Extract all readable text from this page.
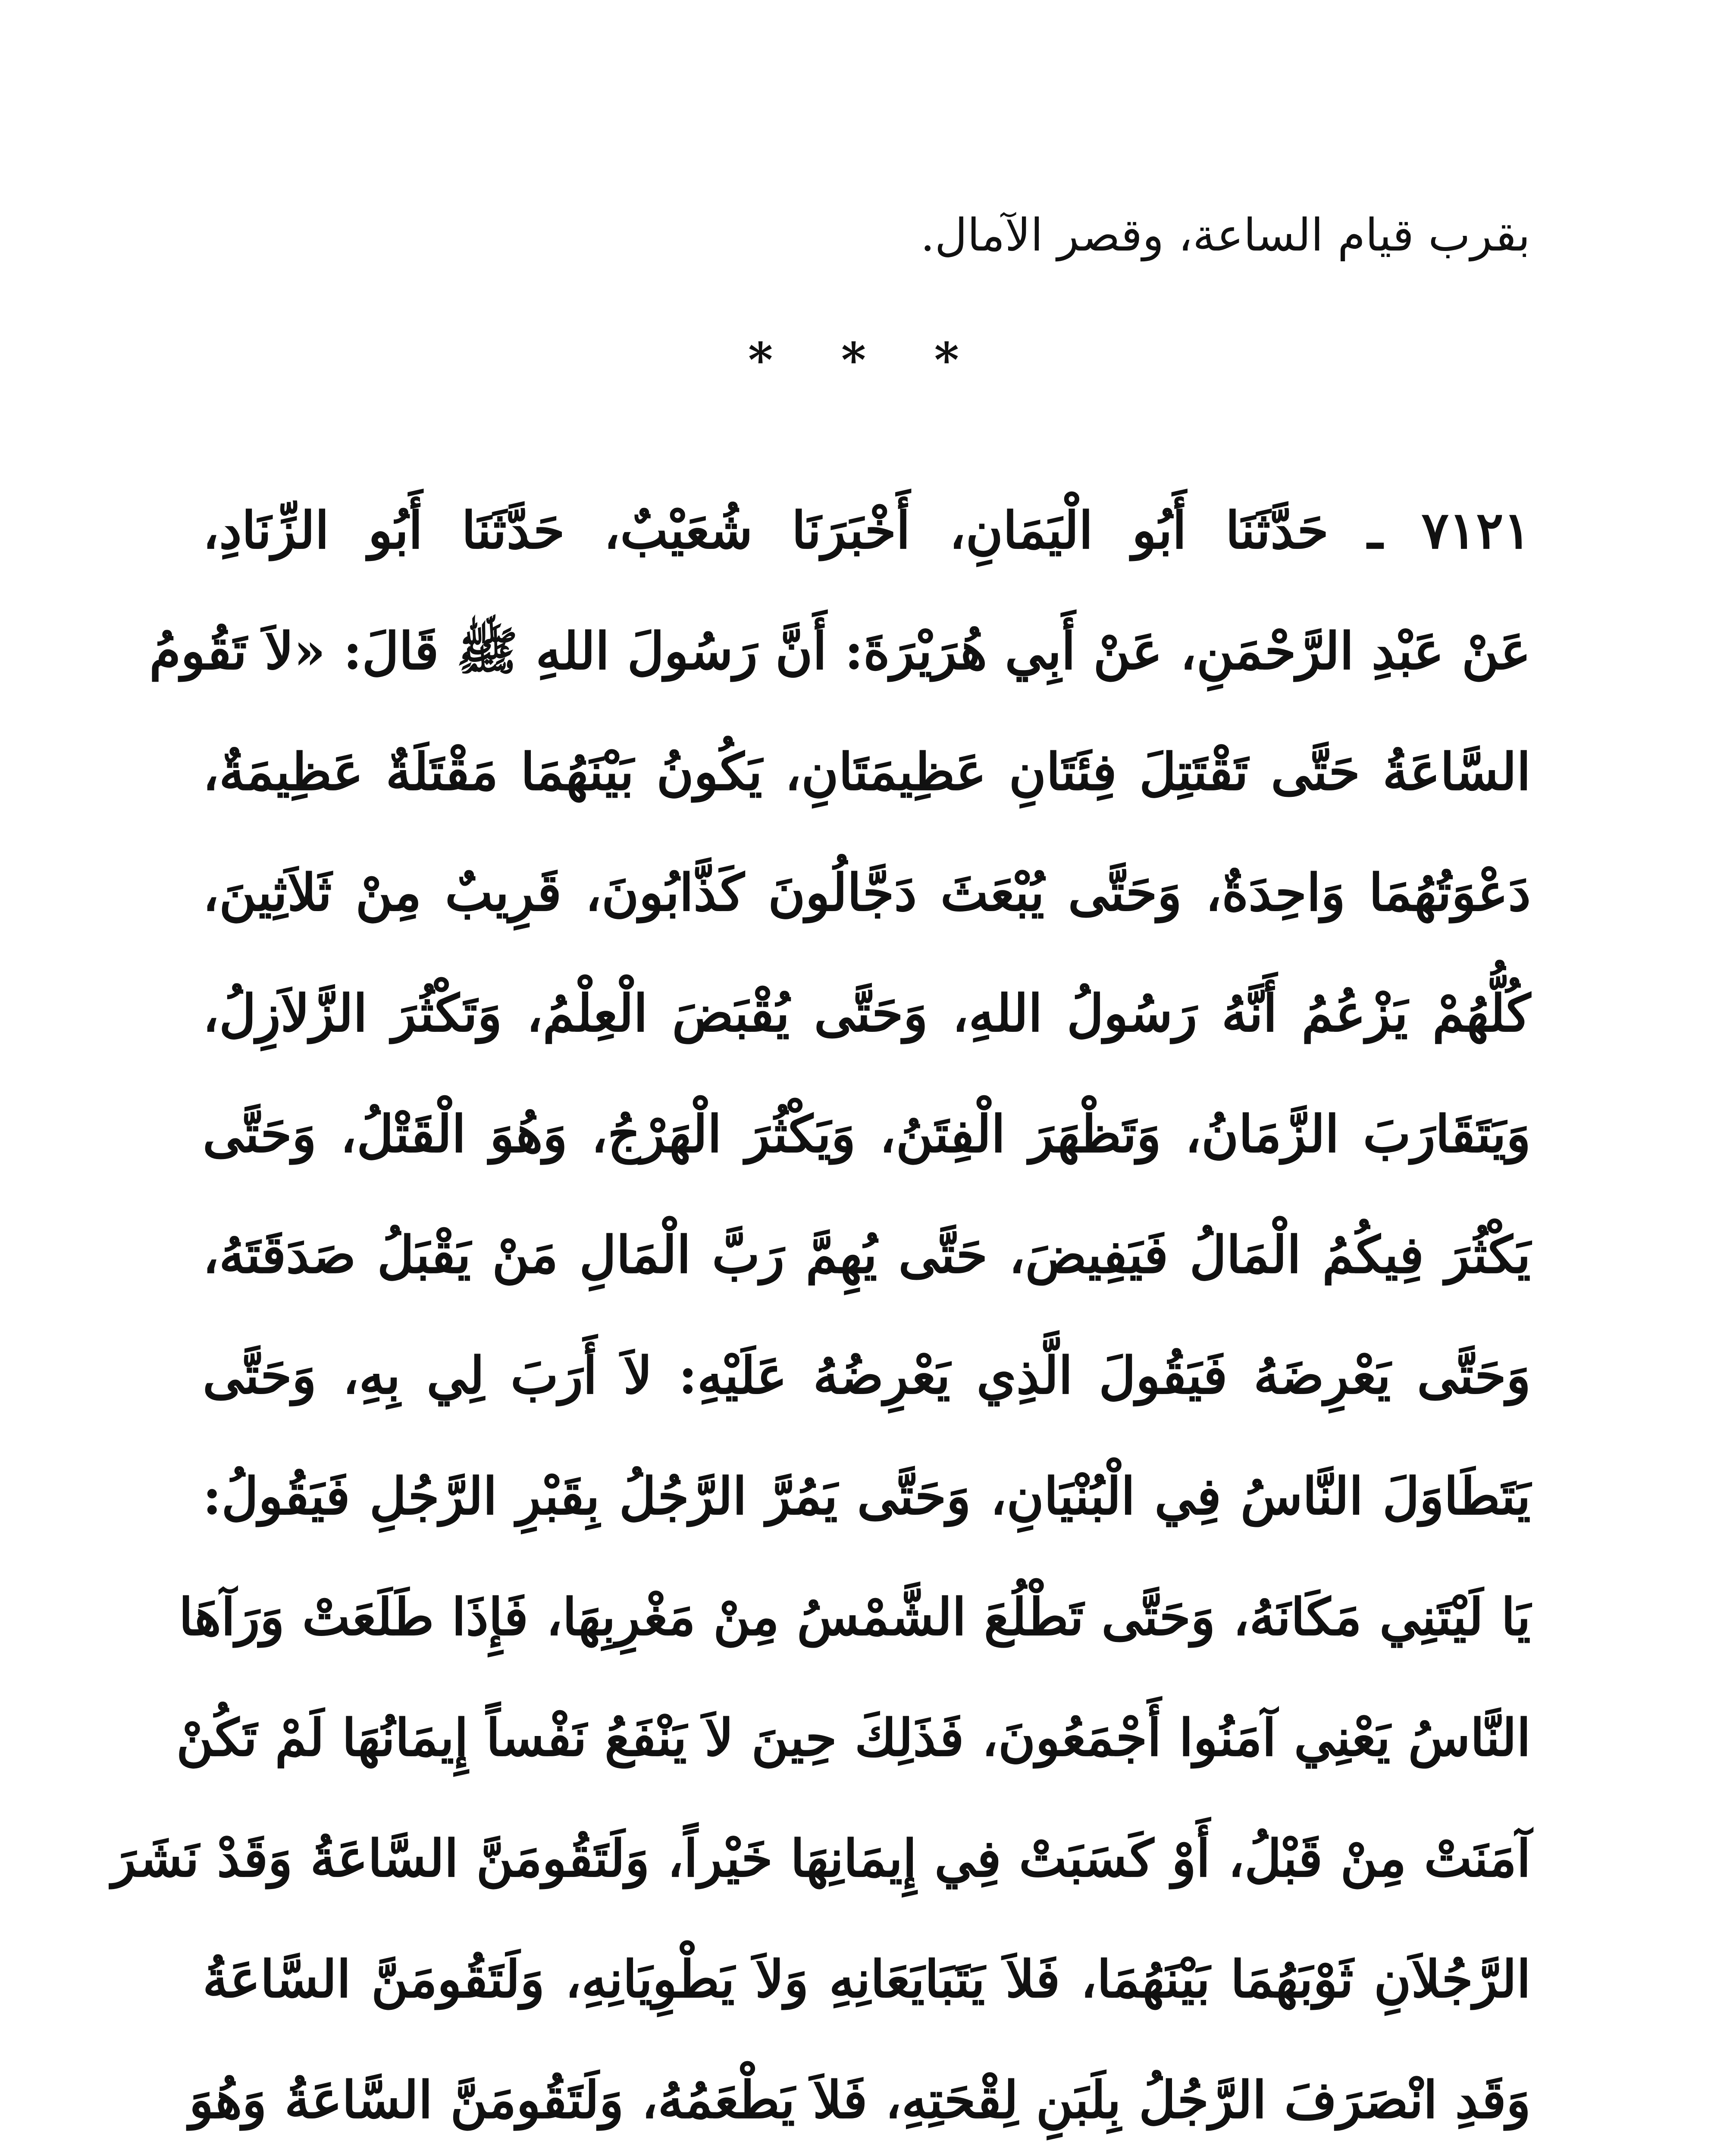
بقرب قيام الساعة، وقصر الآمال.
* * *
٧١٢١ ـ حَدَّثَنَا أَبُو الْيَمَانِ، أَخْبَرَنَا شُعَيْبٌ، حَدَّثَنَا أَبُو الزِّنَادِ،
عَنْ عَبْدِ الرَّحْمَنِ، عَنْ أَبِي هُرَيْرَةَ: أَنَّ رَسُولَ اللهِ ﷺ قَالَ: «لاَ تَقُومُ
السَّاعَةُ حَتَّى تَقْتَتِلَ فِئَتَانِ عَظِيمَتَانِ، يَكُونُ بَيْنَهُمَا مَقْتَلَةٌ عَظِيمَةٌ،
دَعْوَتُهُمَا وَاحِدَةٌ، وَحَتَّى يُبْعَثَ دَجَّالُونَ كَذَّابُونَ، قَرِيبٌ مِنْ ثَلاَثِينَ،
كُلُّهُمْ يَزْعُمُ أَنَّهُ رَسُولُ اللهِ، وَحَتَّى يُقْبَضَ الْعِلْمُ، وَتَكْثُرَ الزَّلاَزِلُ،
وَيَتَقَارَبَ الزَّمَانُ، وَتَظْهَرَ الْفِتَنُ، وَيَكْثُرَ الْهَرْجُ، وَهُوَ الْقَتْلُ، وَحَتَّى
يَكْثُرَ فِيكُمُ الْمَالُ فَيَفِيضَ، حَتَّى يُهِمَّ رَبَّ الْمَالِ مَنْ يَقْبَلُ صَدَقَتَهُ،
وَحَتَّى يَعْرِضَهُ فَيَقُولَ الَّذِي يَعْرِضُهُ عَلَيْهِ: لاَ أَرَبَ لِي بِهِ، وَحَتَّى
يَتَطَاوَلَ النَّاسُ فِي الْبُنْيَانِ، وَحَتَّى يَمُرَّ الرَّجُلُ بِقَبْرِ الرَّجُلِ فَيَقُولُ:
يَا لَيْتَنِي مَكَانَهُ، وَحَتَّى تَطْلُعَ الشَّمْسُ مِنْ مَغْرِبِهَا، فَإِذَا طَلَعَتْ وَرَآهَا
النَّاسُ يَعْنِي آمَنُوا أَجْمَعُونَ، فَذَلِكَ حِينَ لاَ يَنْفَعُ نَفْساً إِيمَانُهَا لَمْ تَكُنْ
آمَنَتْ مِنْ قَبْلُ، أَوْ كَسَبَتْ فِي إِيمَانِهَا خَيْراً، وَلَتَقُومَنَّ السَّاعَةُ وَقَدْ نَشَرَ
الرَّجُلاَنِ ثَوْبَهُمَا بَيْنَهُمَا، فَلاَ يَتَبَايَعَانِهِ وَلاَ يَطْوِيَانِهِ، وَلَتَقُومَنَّ السَّاعَةُ
وَقَدِ انْصَرَفَ الرَّجُلُ بِلَبَنِ لِقْحَتِهِ، فَلاَ يَطْعَمُهُ، وَلَتَقُومَنَّ السَّاعَةُ وَهُوَ
